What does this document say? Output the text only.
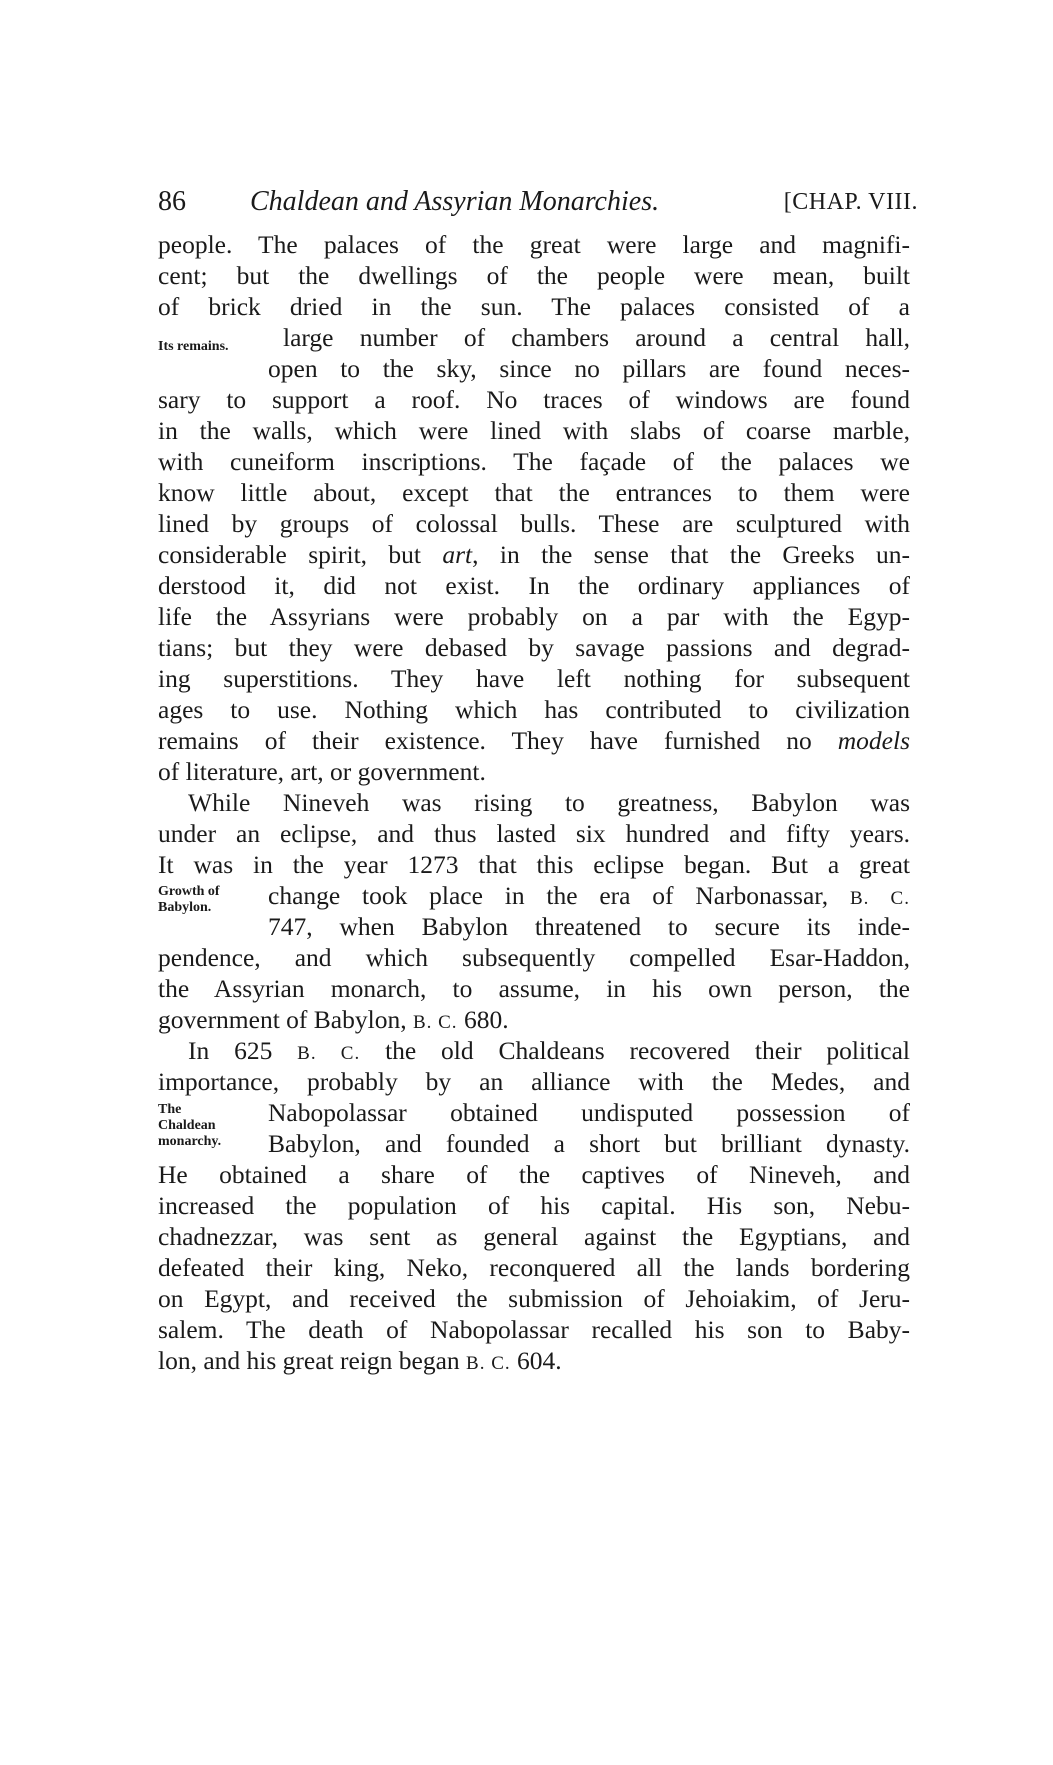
86 Chaldean and Assyrian Monarchies.	[CHAP. VIII.
people. The palaces of the great were large and magnifi-
cent; but the dwellings of the people were mean, built
of brick dried in the sun. The palaces consisted of a
large number of chambers around a central hall,
Its remains.
open to the sky, since no pillars are found neces-
sary to support a roof. No traces of windows are found
in the walls, which were lined with slabs of coarse marble,
with cuneiform inscriptions. The façade of the palaces we
know little about, except that the entrances to them were
lined by groups of colossal bulls. These are sculptured with
considerable spirit, but art, in the sense that the Greeks un-
derstood it, did not exist. In the ordinary appliances of
life the Assyrians were probably on a par with the Egyp-
tians; but they were debased by savage passions and degrad-
ing superstitions. They have left nothing for subsequent
ages to use. Nothing which has contributed to civilization
remains of their existence. They have furnished no models
of literature, art, or government.
While Nineveh was rising to greatness, Babylon was
under an eclipse, and thus lasted six hundred and fifty years.
It was in the year 1273 that this eclipse began. But a great
Growth of	change took place in the era of Narbonassar, B. C.
Babylon.
747, when Babylon threatened to secure its inde-
pendence, and which subsequently compelled Esar-Haddon,
the Assyrian monarch, to assume, in his own person, the
government of Babylon, B. C. 680.
In 625 B. C. the old Chaldeans recovered their political
importance, probably by an alliance with the Medes, and
The	Nabopolassar obtained undisputed possession of
Chaldean
monarchy.	Babylon, and founded a short but brilliant dynasty.
He obtained a share of the captives of Nineveh, and
increased the population of his capital. His son, Nebu-
chadnezzar, was sent as general against the Egyptians, and
defeated their king, Neko, reconquered all the lands bordering
on Egypt, and received the submission of Jehoiakim, of Jeru-
salem. The death of Nabopolassar recalled his son to Baby-
lon, and his great reign began B. C. 604.
